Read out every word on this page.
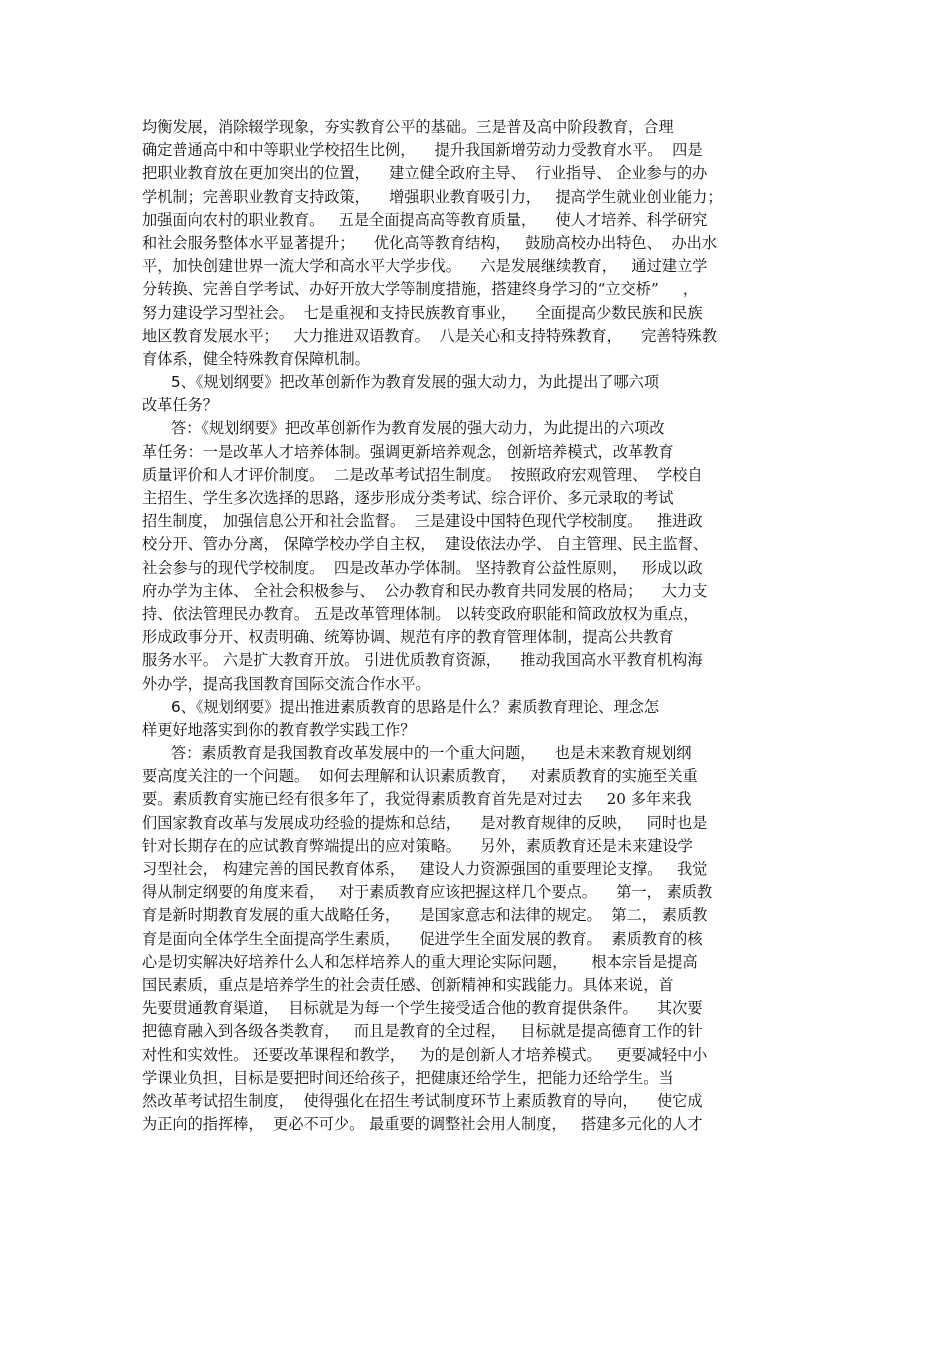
均衡发展，消除辍学现象，夯实教育公平的基础。三是普及高中阶段教育，合理
确定普通高中和中等职业学校招生比例，    提升我国新增劳动力受教育水平。  四是
把职业教育放在更加突出的位置，    建立健全政府主导、  行业指导、 企业参与的办
学机制；完善职业教育支持政策，    增强职业教育吸引力，   提高学生就业创业能力；
加强面向农村的职业教育。   五是全面提高高等教育质量，    使人才培养、科学研究
和社会服务整体水平显著提升；    优化高等教育结构，   鼓励高校办出特色、  办出水
平，加快创建世界一流大学和高水平大学步伐。    六是发展继续教育，   通过建立学
分转换、完善自学考试、办好开放大学等制度措施，搭建终身学习的“立交桥”     ，
努力建设学习型社会。  七是重视和支持民族教育事业，    全面提高少数民族和民族
地区教育发展水平；   大力推进双语教育。  八是关心和支持特殊教育，    完善特殊教
育体系，健全特殊教育保障机制。
5、《规划纲要》把改革创新作为教育发展的强大动力，为此提出了哪六项
改革任务？
答：《规划纲要》把改革创新作为教育发展的强大动力，为此提出的六项改
革任务：一是改革人才培养体制。强调更新培养观念，创新培养模式，改革教育
质量评价和人才评价制度。  二是改革考试招生制度。  按照政府宏观管理、  学校自
主招生、学生多次选择的思路，逐步形成分类考试、综合评价、多元录取的考试
招生制度， 加强信息公开和社会监督。  三是建设中国特色现代学校制度。   推进政
校分开、管办分离， 保障学校办学自主权，  建设依法办学、 自主管理、民主监督、
社会参与的现代学校制度。  四是改革办学体制。 坚持教育公益性原则，   形成以政
府办学为主体、 全社会积极参与、  公办教育和民办教育共同发展的格局；    大力支
持、依法管理民办教育。 五是改革管理体制。 以转变政府职能和简政放权为重点，
形成政事分开、权责明确、统筹协调、规范有序的教育管理体制，提高公共教育
服务水平。 六是扩大教育开放。 引进优质教育资源，    推动我国高水平教育机构海
外办学，提高我国教育国际交流合作水平。
6、《规划纲要》提出推进素质教育的思路是什么？素质教育理论、理念怎
样更好地落实到你的教育教学实践工作？
答：素质教育是我国教育改革发展中的一个重大问题，    也是未来教育规划纲
要高度关注的一个问题。  如何去理解和认识素质教育，   对素质教育的实施至关重
要。素质教育实施已经有很多年了，我觉得素质教育首先是对过去     20 多年来我
们国家教育改革与发展成功经验的提炼和总结，    是对教育规律的反映，   同时也是
针对长期存在的应试教育弊端提出的应对策略。    另外，素质教育还是未来建设学
习型社会， 构建完善的国民教育体系，   建设人力资源强国的重要理论支撑。   我觉
得从制定纲要的角度来看，   对于素质教育应该把握这样几个要点。    第一， 素质教
育是新时期教育发展的重大战略任务，    是国家意志和法律的规定。  第二， 素质教
育是面向全体学生全面提高学生素质，    促进学生全面发展的教育。  素质教育的核
心是切实解决好培养什么人和怎样培养人的重大理论实际问题，     根本宗旨是提高
国民素质，重点是培养学生的社会责任感、创新精神和实践能力。具体来说，首
先要贯通教育渠道，  目标就是为每一个学生接受适合他的教育提供条件。    其次要
把德育融入到各级各类教育，   而且是教育的全过程，   目标就是提高德育工作的针
对性和实效性。 还要改革课程和教学，   为的是创新人才培养模式。   更要减轻中小
学课业负担，目标是要把时间还给孩子，把健康还给学生，把能力还给学生。当
然改革考试招生制度，  使得强化在招生考试制度环节上素质教育的导向，    使它成
为正向的指挥棒，  更必不可少。 最重要的调整社会用人制度，   搭建多元化的人才
